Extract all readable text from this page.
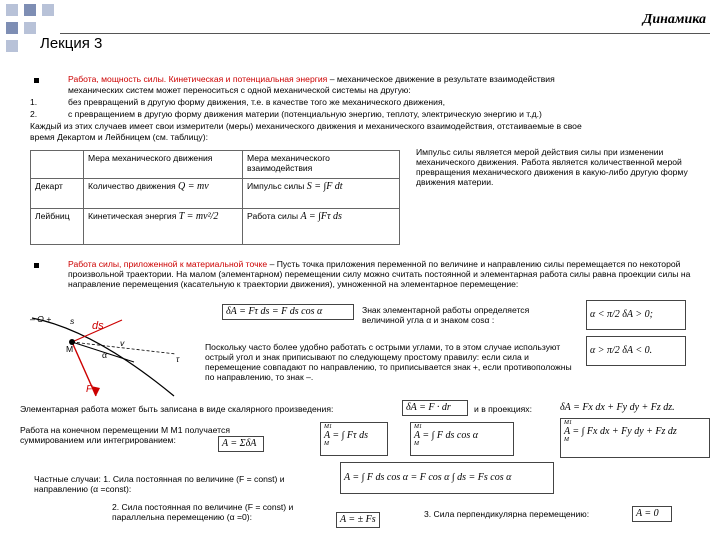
Динамика
Лекция 3
Работа, мощность силы. Кинетическая и потенциальная энергия – механическое движение в результате взаимодействия
механических систем может переноситься с одной механической системы на другую:
1.	без превращений в другую форму движения, т.е. в качестве того же механического движения,
2.	с превращением в другую форму движения материи (потенциальную энергию, теплоту, электрическую энергию и т.д.)
Каждый из этих случаев имеет свои измерители (меры) механического движения и механического взаимодействия, отстаиваемые в свое
время Декартом и Лейбницем (см. таблицу):
	Мера механического движения	Мера механического взаимодействия
Декарт	Количество движения Q = mv	Импульс силы S = ∫F dt
Лейбниц	Кинетическая энергия T = mv²/2	Работа силы A = ∫Fτ ds
Импульс силы является мерой действия силы при изменении механического движения. Работа является количественной мерой превращения механического движения в какую-либо другую форму движения материи.
Работа силы, приложенной к материальной точке – Пусть точка приложения переменной по величине и направлению силы перемещается по некоторой произвольной траектории. На малом (элементарном) перемещении силу можно считать постоянной и элементарная работа силы равна проекции силы на направление перемещения (касательную к траектории движения), умноженной на элементарное перемещение:
δA = Fτ ds = F ds cos α	Знак элементарной работы определяется величиной угла α и знаком cosα :	α < π/2 δA > 0;
α > π/2 δA < 0.
Поскольку часто более удобно работать с острыми углами, то в этом случае используют острый угол и знак приписывают по следующему простому правилу: если сила и перемещение совпадают по направлению, то приписывается знак +, если противоположны по направлению, то знак –.
– O + s ds
M
v
α	τ
F
Элементарная работа может быть записана в виде скалярного произведения:	δA = F · dr	и в проекциях:	δA = Fx dx + Fy dy + Fz dz.
Работа на конечном перемещении M M1 получается суммированием или интегрированием:	A = ΣδA
M1
A = ∫ Fτ ds
M
M1
A = ∫ F ds cos α
M
M1
A = ∫ Fx dx + Fy dy + Fz dz
M
Частные случаи: 1. Сила постоянная по величине (F = const) и направлению (α =const):
A = ∫ F ds cos α = F cos α ∫ ds = Fs cos α
2. Сила постоянная по величине (F = const) и параллельна перемещению (α =0):	A = ± Fs	3. Сила перпендикулярна перемещению:	A = 0
